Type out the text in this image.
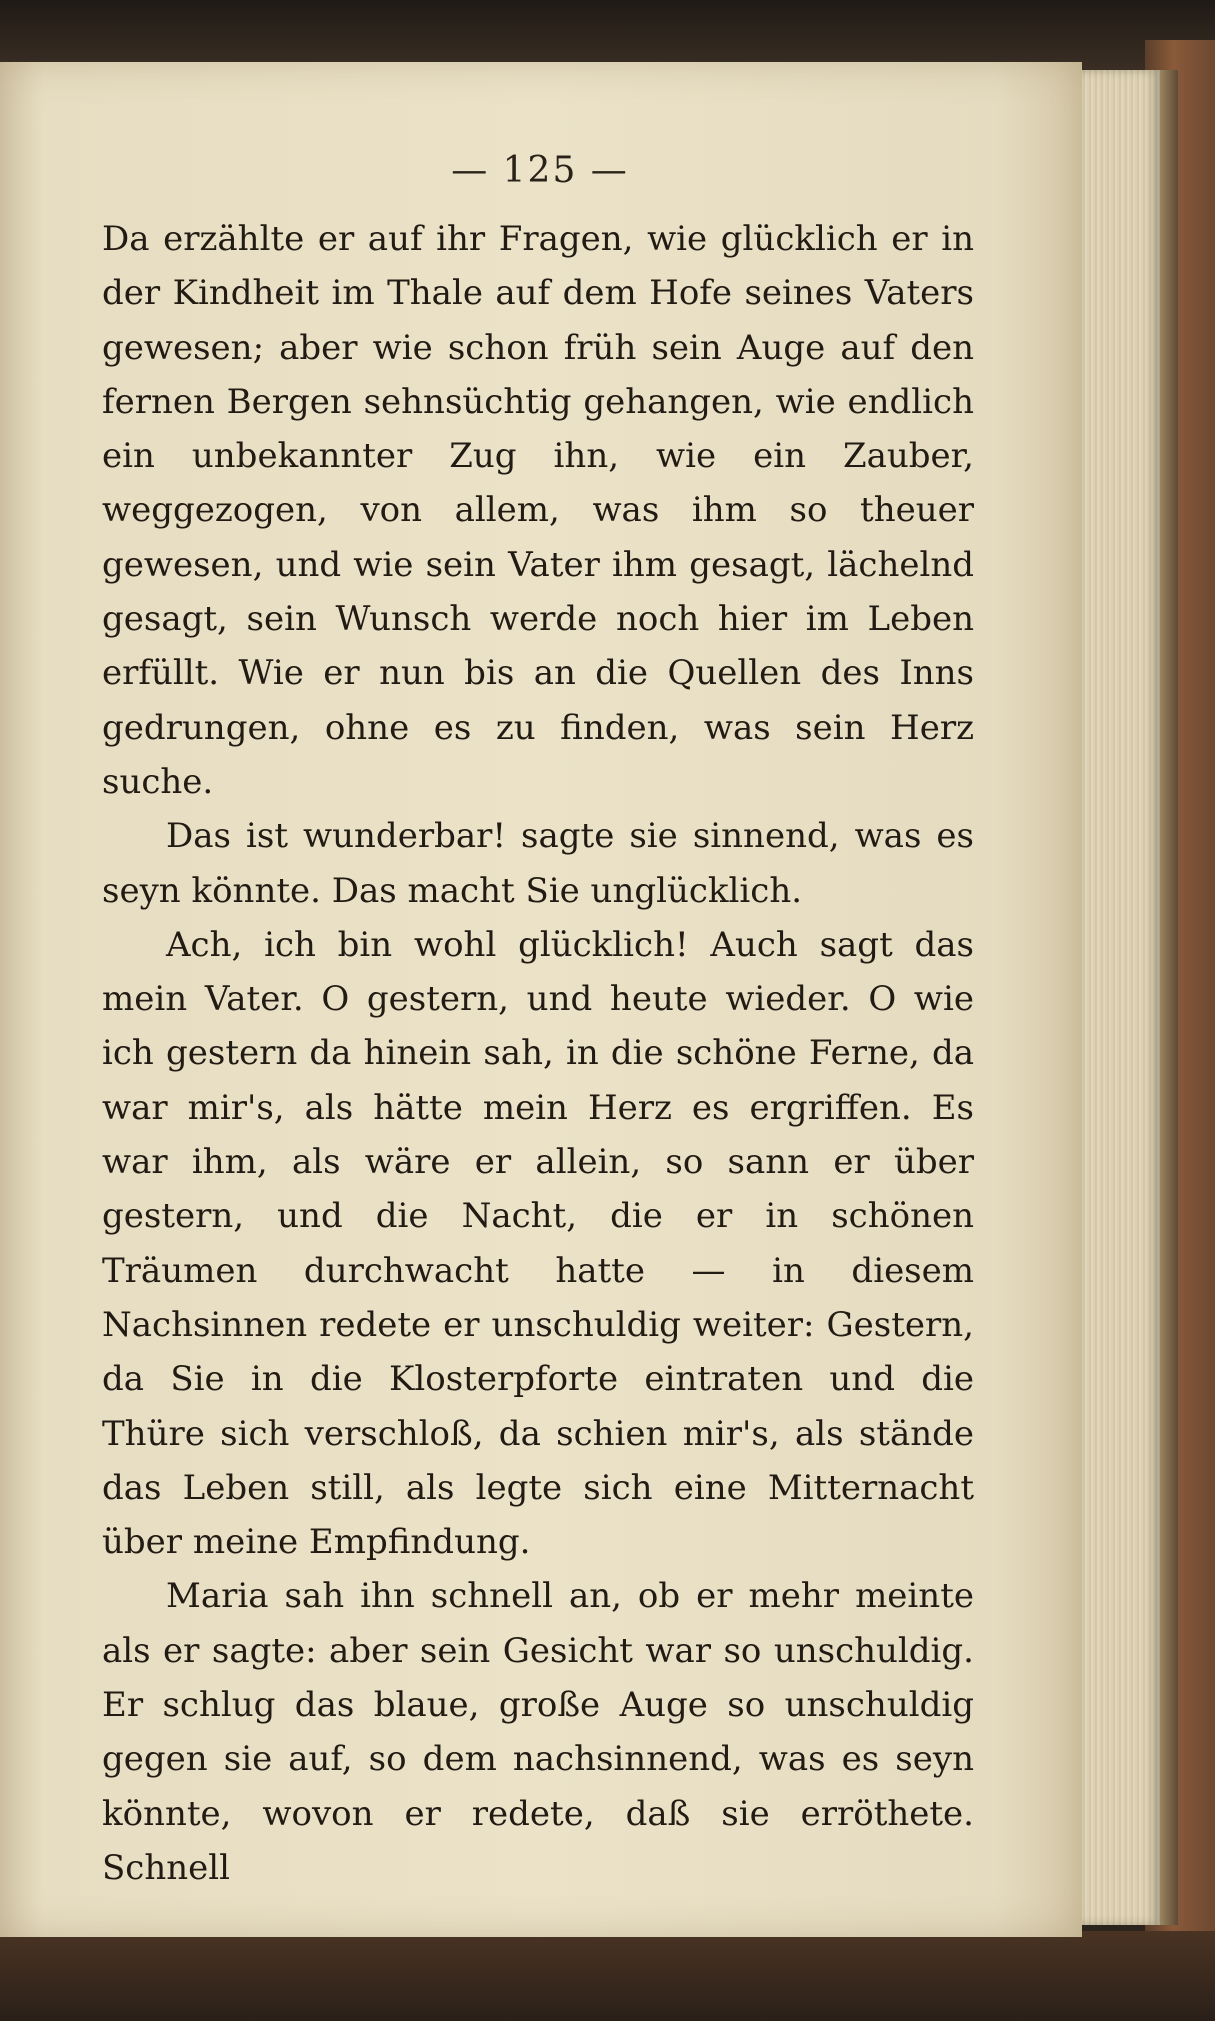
— 125 —

Da erzählte er auf ihr Fragen, wie glücklich er in der Kindheit im Thale auf dem Hofe seines Vaters gewesen; aber wie schon früh sein Auge auf den fernen Bergen sehnsüchtig gehangen, wie endlich ein unbekannter Zug ihn, wie ein Zauber, weggezogen, von allem, was ihm so theuer gewesen, und wie sein Vater ihm gesagt, lächelnd gesagt, sein Wunsch werde noch hier im Leben erfüllt. Wie er nun bis an die Quellen des Inns gedrungen, ohne es zu finden, was sein Herz suche.

Das ist wunderbar! sagte sie sinnend, was es seyn könnte. Das macht Sie unglücklich.

Ach, ich bin wohl glücklich! Auch sagt das mein Vater. O gestern, und heute wieder. O wie ich gestern da hinein sah, in die schöne Ferne, da war mir's, als hätte mein Herz es ergriffen. Es war ihm, als wäre er allein, so sann er über gestern, und die Nacht, die er in schönen Träumen durchwacht hatte — in diesem Nachsinnen redete er unschuldig weiter: Gestern, da Sie in die Klosterpforte eintraten und die Thüre sich verschloß, da schien mir's, als stände das Leben still, als legte sich eine Mitternacht über meine Empfindung.

Maria sah ihn schnell an, ob er mehr meinte als er sagte: aber sein Gesicht war so unschuldig. Er schlug das blaue, große Auge so unschuldig gegen sie auf, so dem nachsinnend, was es seyn könnte, wovon er redete, daß sie erröthete. Schnell
